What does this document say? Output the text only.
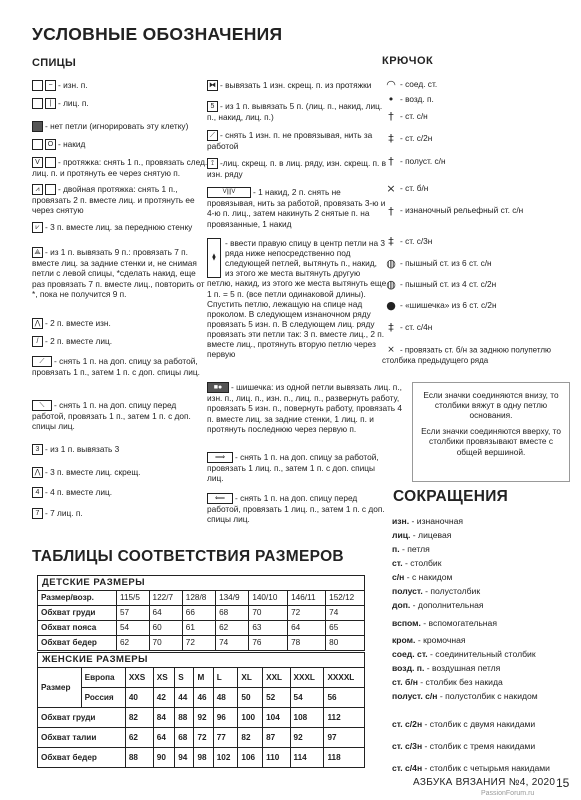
УСЛОВНЫЕ ОБОЗНАЧЕНИЯ
СПИЦЫ	КРЮЧОК
− - изн. п.
| - лиц. п.
- нет петли (игнорировать эту клетку)
O - накид
V - протяжка: снять 1 п., провязать след. лиц. п. и протянуть ее через снятую п.
⩘ - двойная протяжка: снять 1 п., провязать 2 п. вместе лиц. и протянуть ее через снятую
⩗ - 3 п. вместе лиц. за переднюю стенку
⟁ - из 1 п. вывязать 9 п.: провязать 7 п. вместе лиц. за задние стенки и, не снимая петли с левой спицы, *сделать накид, еще раз провязать 7 п. вместе лиц., повторить от *, пока не получится 9 п.
⋀ - 2 п. вместе изн.
/ - 2 п. вместе лиц.
⟋ - снять 1 п. на доп. спицу за работой, провязать 1 п., затем 1 п. с доп. спицы лиц.
⟍ - снять 1 п. на доп. спицу перед работой, провязать 1 п., затем 1 п. с доп. спицы лиц.
3 - из 1 п. вывязать 3
⋀ - 3 п. вместе лиц. скрещ.
4 - 4 п. вместе лиц.
7 - 7 лиц. п.
⧓ - вывязать 1 изн. скрещ. п. из протяжки
5 - из 1 п. вывязать 5 п. (лиц. п., накид, лиц. п., накид, лиц. п.)
⟋ - снять 1 изн. п. не провязывая, нить за работой
⟟ -лиц. скрещ. п. в лиц. ряду, изн. скрещ. п. в изн. ряду
V|||V - 1 накид, 2 п. снять не провязывая, нить за работой, провязать 3-ю и 4-ю п. лиц., затем накинуть 2 снятые п. на провязанные, 1 накид
⧫
- ввести правую спицу в центр петли на 3 ряда ниже непосредственно под следующей петлей, вытянуть п., накид, из этого же места вытянуть другую петлю, накид, из этого же места вытянуть еще 1 п. = 5 п. (все петли одинаковой длины). Спустить петлю, лежащую на спице над проколом. В следующем изнаночном ряду провязать 5 изн. п. В следующем лиц. ряду провязать эти петли так: 3 п. вместе лиц., 2 п. вместе лиц., протянуть вторую петлю через первую
■● - шишечка: из одной петли вывязать лиц. п., изн. п., лиц. п., изн. п., лиц. п., развернуть работу, провязать 5 изн. п., повернуть работу, провязать 4 п. вместе лиц. за задние стенки, 1 лиц. п. и протянуть последнюю через первую п.
⟹ - снять 1 п. на доп. спицу за работой, провязать 1 лиц. п., затем 1 п. с доп. спицы лиц.
⟸ - снять 1 п. на доп. спицу перед работой, провязать 1 лиц. п., затем 1 п. с доп. спицы лиц.
◠ - соед. ст.
• - возд. п.
† - ст. с/н
‡ - ст. с/2н
† - полуст. с/н
× - ст. б/н
† - изнаночный рельефный ст. с/н
‡ - ст. с/3н
◍ - пышный ст. из 6 ст. с/н
◍ - пышный ст. из 4 ст. с/2н
● - «шишечка» из 6 ст. с/2н
‡ - ст. с/4н
⨯ - провязать ст. б/н за заднюю полупетлю столбика предыдущего ряда

Если значки соединяются внизу, то столбики вяжут в одну петлю основания.

Если значки соединяются вверху, то столбики провязывают вместе с общей вершиной.

СОКРАЩЕНИЯ
изн. - изнаночная
лиц. - лицевая
п. - петля
ст. - столбик
с/н - с накидом
полуст. - полустолбик
доп. - дополнительная
вспом. - вспомогательная
кром. - кромочная
соед. ст. - соединительный столбик
возд. п. - воздушная петля
ст. б/н - столбик без накида
полуст. с/н - полустолбик с накидом
ст. с/2н - столбик с двумя накидами
ст. с/3н - столбик с тремя накидами
ст. с/4н - столбик с четырьмя накидами
ТАБЛИЦЫ СООТВЕТСТВИЯ РАЗМЕРОВ
ДЕТСКИЕ РАЗМЕРЫ							
Размер/возр.	115/5	122/7	128/8	134/9	140/10	146/11	152/12
Обхват груди	57	64	66	68	70	72	74
Обхват пояса	54	60	61	62	63	64	65
Обхват бедер	62	70	72	74	76	78	80
ЖЕНСКИЕ РАЗМЕРЫ										
Размер	Европа	XXS	XS	S	M	L	XL	XXL	XXXL	XXXXL
	Россия	40	42	44	46	48	50	52	54	56
Обхват груди		82	84	88	92	96	100	104	108	112
Обхват талии		62	64	68	72	77	82	87	92	97
Обхват бедер		88	90	94	98	102	106	110	114	118
АЗБУКА ВЯЗАНИЯ №4, 2020 15
PassionForum.ru
